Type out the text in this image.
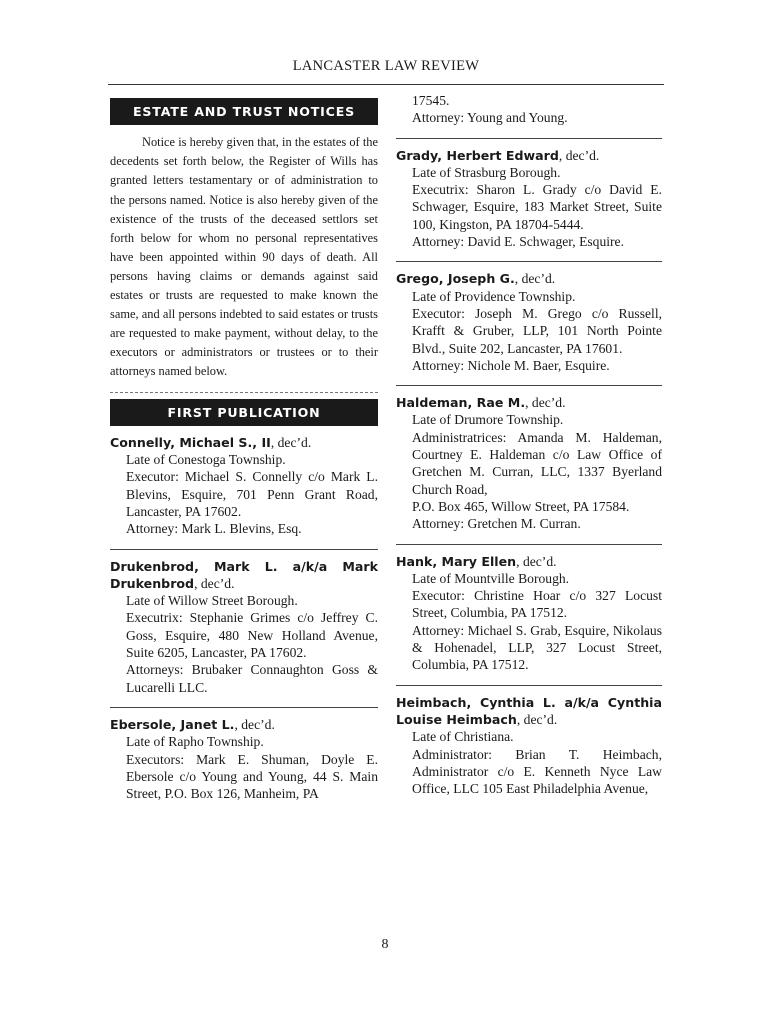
LANCASTER LAW REVIEW
ESTATE AND TRUST NOTICES

Notice is hereby given that, in the estates of the decedents set forth below, the Register of Wills has granted letters testamentary or of administration to the persons named. Notice is also hereby given of the existence of the trusts of the deceased settlors set forth below for whom no personal representatives have been appointed within 90 days of death. All persons having claims or demands against said estates or trusts are requested to make known the same, and all persons indebted to said estates or trusts are requested to make payment, without delay, to the executors or administrators or trustees or to their attorneys named below.

FIRST PUBLICATION

Connelly, Michael S., II, dec’d.

Late of Conestoga Township.

Executor: Michael S. Connelly c/o Mark L. Blevins, Esquire, 701 Penn Grant Road, Lancaster, PA 17602.

Attorney: Mark L. Blevins, Esq.

Drukenbrod, Mark L. a/k/a Mark Drukenbrod, dec’d.

Late of Willow Street Borough.

Executrix: Stephanie Grimes c/o Jeffrey C. Goss, Esquire, 480 New Holland Avenue, Suite 6205, Lancaster, PA 17602.

Attorneys: Brubaker Connaughton Goss & Lucarelli LLC.

Ebersole, Janet L., dec’d.

Late of Rapho Township.

Executors: Mark E. Shuman, Doyle E. Ebersole c/o Young and Young, 44 S. Main Street, P.O. Box 126, Manheim, PA

17545.

Attorney: Young and Young.

Grady, Herbert Edward, dec’d.

Late of Strasburg Borough.

Executrix: Sharon L. Grady c/o David E. Schwager, Esquire, 183 Market Street, Suite 100, Kingston, PA 18704-5444.

Attorney: David E. Schwager, Esquire.

Grego, Joseph G., dec’d.

Late of Providence Township.

Executor: Joseph M. Grego c/o Russell, Krafft & Gruber, LLP, 101 North Pointe Blvd., Suite 202, Lancaster, PA 17601.

Attorney: Nichole M. Baer, Esquire.

Haldeman, Rae M., dec’d.

Late of Drumore Township.

Administratrices: Amanda M. Haldeman, Courtney E. Haldeman c/o Law Office of Gretchen M. Curran, LLC, 1337 Byerland Church Road,

P.O. Box 465, Willow Street, PA 17584.

Attorney: Gretchen M. Curran.

Hank, Mary Ellen, dec’d.

Late of Mountville Borough.

Executor: Christine Hoar c/o 327 Locust Street, Columbia, PA 17512.

Attorney: Michael S. Grab, Esquire, Nikolaus & Hohenadel, LLP, 327 Locust Street, Columbia, PA 17512.

Heimbach, Cynthia L. a/k/a Cynthia Louise Heimbach, dec’d.

Late of Christiana.

Administrator: Brian T. Heimbach, Administrator c/o E. Kenneth Nyce Law Office, LLC 105 East Philadelphia Avenue,

8
